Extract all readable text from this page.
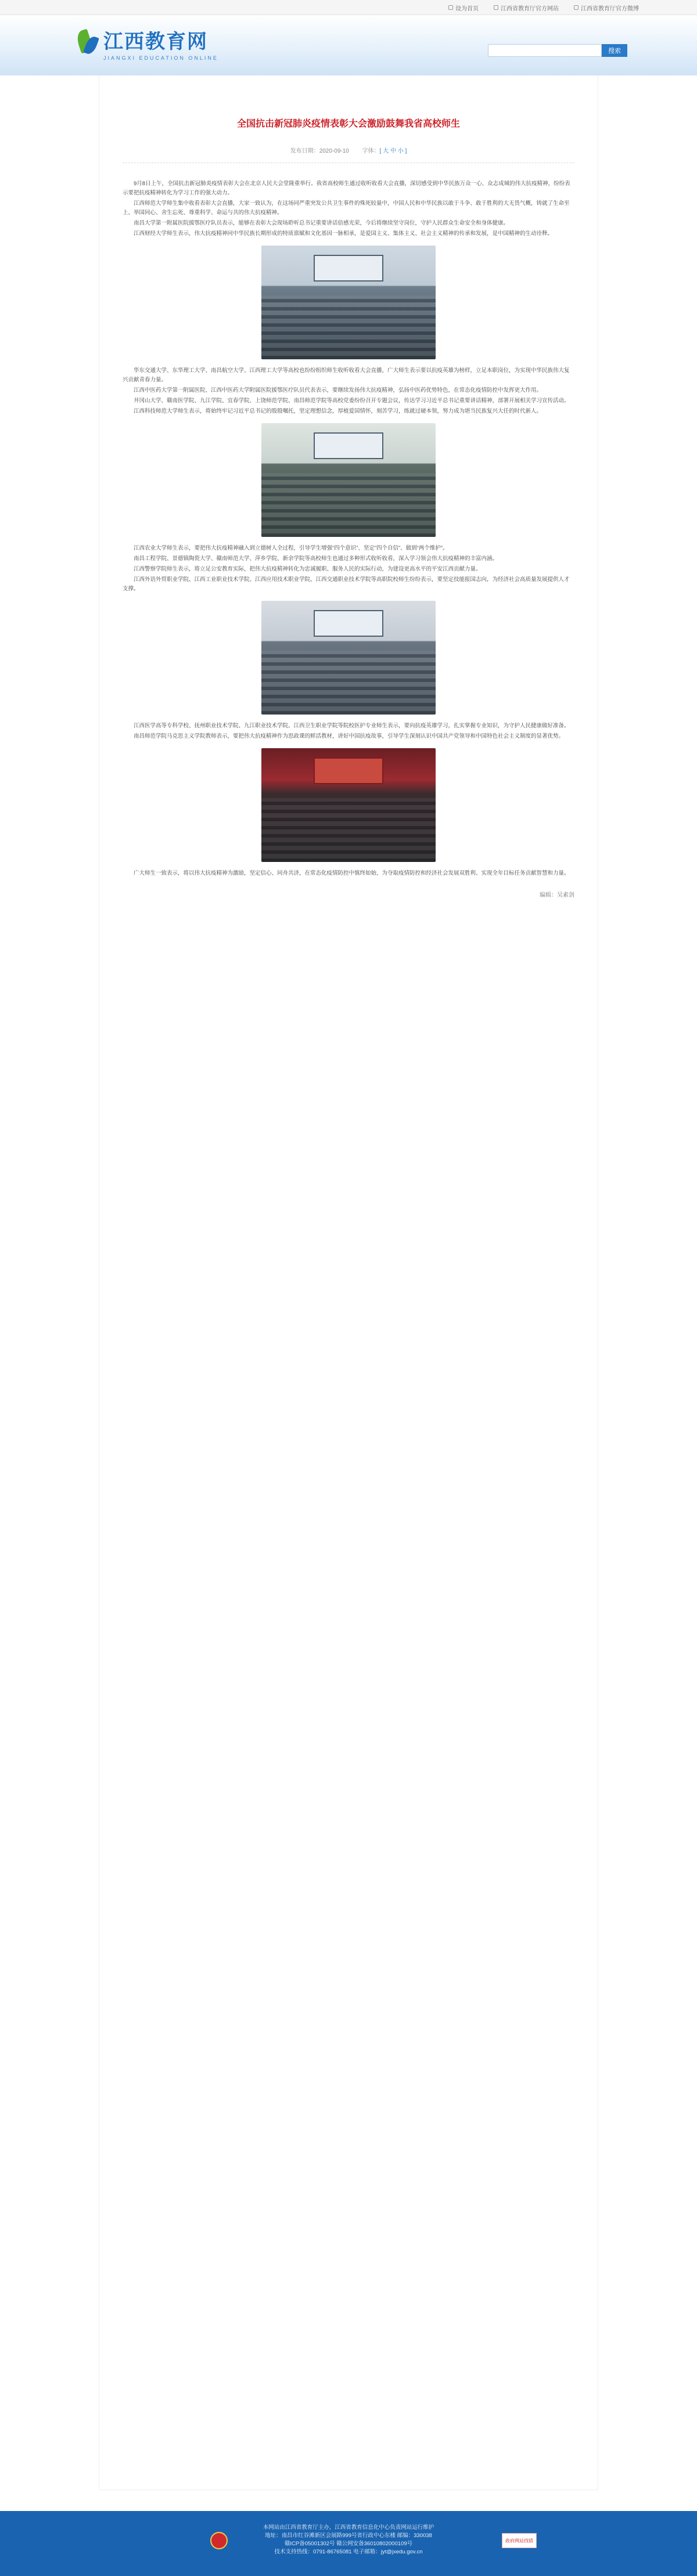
设为首页	江西省教育厅官方网站	江西省教育厅官方微博
江西教育网
JIANGXI EDUCATION ONLINE
搜索
全国抗击新冠肺炎疫情表彰大会激励鼓舞我省高校师生
发布日期：2020-09-10 字体：[ 大 中 小 ]

9月8日上午，全国抗击新冠肺炎疫情表彰大会在北京人民大会堂隆重举行。我省高校师生通过收听收看大会直播，深切感受到中华民族万众一心、众志成城的伟大抗疫精神，纷纷表示要把抗疫精神转化为学习工作的强大动力。

江西师范大学师生集中收看表彰大会直播，大家一致认为，在这场同严重突发公共卫生事件的殊死较量中，中国人民和中华民族以敢于斗争、敢于胜利的大无畏气概，铸就了生命至上、举国同心、舍生忘死、尊重科学、命运与共的伟大抗疫精神。

南昌大学第一附属医院援鄂医疗队员表示，能够在表彰大会现场聆听总书记重要讲话倍感光荣，今后将继续坚守岗位，守护人民群众生命安全和身体健康。

江西财经大学师生表示，伟大抗疫精神同中华民族长期形成的特质禀赋和文化基因一脉相承，是爱国主义、集体主义、社会主义精神的传承和发展，是中国精神的生动诠释。

华东交通大学、东华理工大学、南昌航空大学、江西理工大学等高校也纷纷组织师生收听收看大会直播，广大师生表示要以抗疫英雄为榜样，立足本职岗位，为实现中华民族伟大复兴贡献青春力量。

江西中医药大学第一附属医院、江西中医药大学附属医院援鄂医疗队员代表表示，要继续发扬伟大抗疫精神，弘扬中医药优势特色，在常态化疫情防控中发挥更大作用。

井冈山大学、赣南医学院、九江学院、宜春学院、上饶师范学院、南昌师范学院等高校党委纷纷召开专题会议，传达学习习近平总书记重要讲话精神，部署开展相关学习宣传活动。

江西科技师范大学师生表示，将始终牢记习近平总书记的殷殷嘱托，坚定理想信念，厚植爱国情怀，刻苦学习，练就过硬本领，努力成为堪当民族复兴大任的时代新人。

江西农业大学师生表示，要把伟大抗疫精神融入到立德树人全过程，引导学生增强“四个意识”、坚定“四个自信”、做到“两个维护”。

南昌工程学院、景德镇陶瓷大学、赣南师范大学、萍乡学院、新余学院等高校师生也通过多种形式收听收看，深入学习领会伟大抗疫精神的丰富内涵。

江西警察学院师生表示，将立足公安教育实际，把伟大抗疫精神转化为忠诚履职、服务人民的实际行动，为建设更高水平的平安江西贡献力量。

江西外语外贸职业学院、江西工业职业技术学院、江西应用技术职业学院、江西交通职业技术学院等高职院校师生纷纷表示，要坚定技能报国志向，为经济社会高质量发展提供人才支撑。

江西医学高等专科学校、抚州职业技术学院、九江职业技术学院、江西卫生职业学院等院校医护专业师生表示，要向抗疫英雄学习，扎实掌握专业知识，为守护人民健康做好准备。

南昌师范学院马克思主义学院教师表示，要把伟大抗疫精神作为思政课的鲜活教材，讲好中国抗疫故事，引导学生深刻认识中国共产党领导和中国特色社会主义制度的显著优势。

广大师生一致表示，将以伟大抗疫精神为激励，坚定信心、同舟共济，在常态化疫情防控中慎终如始，为夺取疫情防控和经济社会发展双胜利、实现全年目标任务贡献智慧和力量。

编辑：吴素剑
本网站由江西省教育厅主办，江西省教育信息化中心负责网站运行维护
地址：南昌市红谷滩新区会展路999号省行政中心东楼 邮编：330038
赣ICP备05001302号 赣公网安备36010802000109号
技术支持热线：0791-86765081 电子邮箱：jyt@jxedu.gov.cn
政府网站找错
